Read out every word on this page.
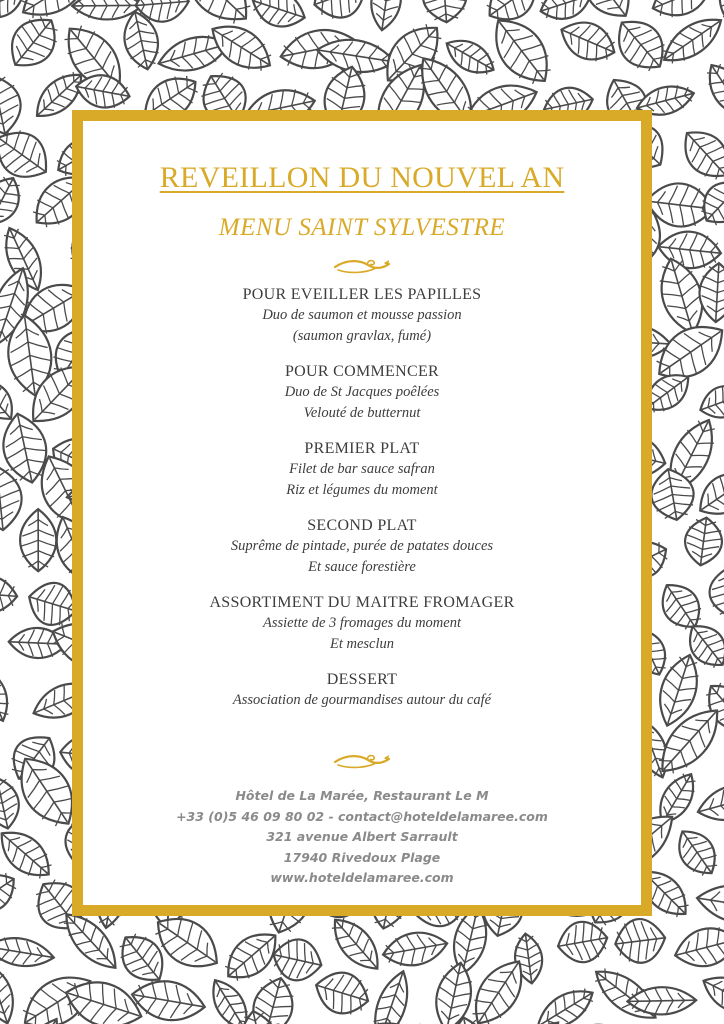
REVEILLON DU NOUVEL AN
MENU SAINT SYLVESTRE
POUR EVEILLER LES PAPILLES
Duo de saumon et mousse passion
(saumon gravlax, fumé)
POUR COMMENCER
Duo de St Jacques poêlées
Velouté de butternut
PREMIER PLAT
Filet de bar sauce safran
Riz et légumes du moment
SECOND PLAT
Suprême de pintade, purée de patates douces
Et sauce forestière
ASSORTIMENT DU MAITRE FROMAGER
Assiette de 3 fromages du moment
Et mesclun
DESSERT
Association de gourmandises autour du café
Hôtel de La Marée, Restaurant Le M
+33 (0)5 46 09 80 02 - contact@hoteldelamaree.com
321 avenue Albert Sarrault
17940 Rivedoux Plage
www.hoteldelamaree.com
